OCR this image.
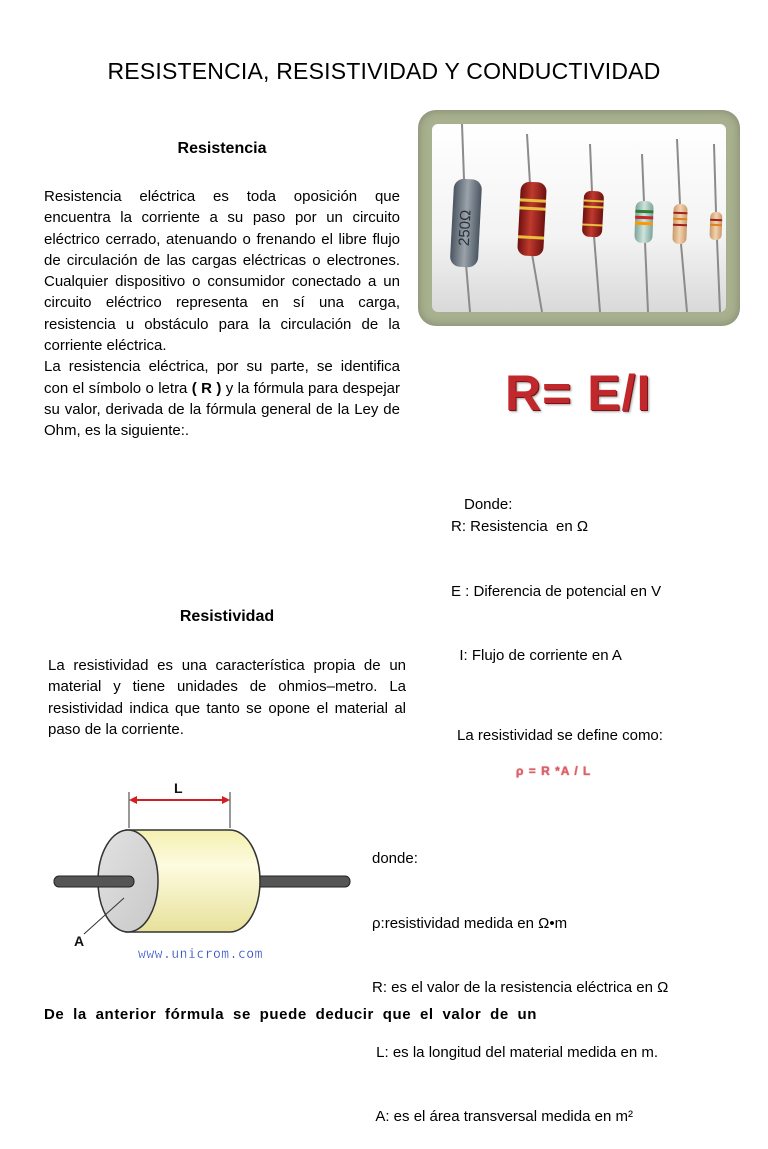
RESISTENCIA, RESISTIVIDAD Y CONDUCTIVIDAD
Resistencia

Resistencia eléctrica es toda oposición que encuentra la corriente a su paso por un circuito eléctrico cerrado, atenuando o frenando el libre flujo de circulación de las cargas eléctricas o electrones. Cualquier dispositivo o consumidor conectado a un circuito eléctrico representa en sí una carga, resistencia u obstáculo para la circulación de la corriente eléctrica.

La resistencia eléctrica, por su parte, se identifica con el símbolo o letra ( R ) y la fórmula para despejar su valor, derivada de la fórmula general de la Ley de Ohm, es la siguiente:.

250Ω
R= E/I

Donde:

R: Resistencia  en Ω

E : Diferencia de potencial en V

I: Flujo de corriente en A

Resistividad

La resistividad es una característica propia de un material y tiene unidades de ohmios–metro. La resistividad indica que tanto se opone el material al paso de la corriente.	La resistividad se define como:
ρ = R *A / L
L
A
www.unicrom.com

donde:

ρ:resistividad medida en Ω•m

R: es el valor de la resistencia eléctrica en Ω

L: es la longitud del material medida en m.

A: es el área transversal medida en m²

De la anterior fórmula se puede deducir que el valor de un
